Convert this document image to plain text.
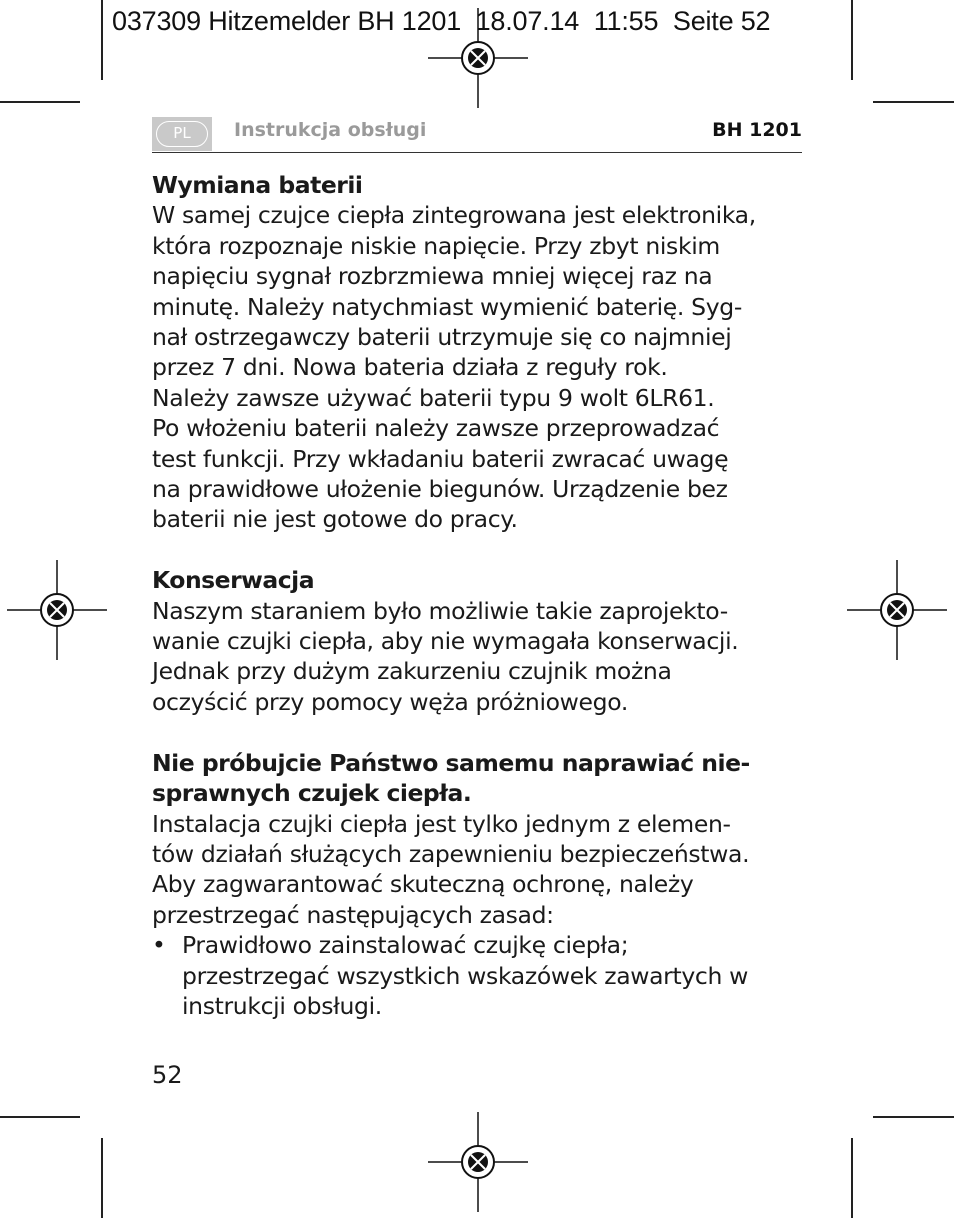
037309 Hitzemelder BH 1201  18.07.14  11:55  Seite 52
PL	Instrukcja obsługi	BH 1201
Wymiana baterii

W samej czujce ciepła zintegrowana jest elektronika,
która rozpoznaje niskie napięcie. Przy zbyt niskim
napięciu sygnał rozbrzmiewa mniej więcej raz na
minutę. Należy natychmiast wymienić baterię. Syg-
nał ostrzegawczy baterii utrzymuje się co najmniej
przez 7 dni. Nowa bateria działa z reguły rok.
Należy zawsze używać baterii typu 9 wolt 6LR61.
Po włożeniu baterii należy zawsze przeprowadzać
test funkcji. Przy wkładaniu baterii zwracać uwagę
na prawidłowe ułożenie biegunów. Urządzenie bez
baterii nie jest gotowe do pracy.

Konserwacja

Naszym staraniem było możliwie takie zaprojekto-
wanie czujki ciepła, aby nie wymagała konserwacji.
Jednak przy dużym zakurzeniu czujnik można
oczyścić przy pomocy węża próżniowego.

Nie próbujcie Państwo samemu naprawiać nie-
sprawnych czujek ciepła.

Instalacja czujki ciepła jest tylko jednym z elemen-
tów działań służących zapewnieniu bezpieczeństwa.
Aby zagwarantować skuteczną ochronę, należy
przestrzegać następujących zasad:

• Prawidłowo zainstalować czujkę ciepła;
przestrzegać wszystkich wskazówek zawartych w
instrukcji obsługi.
52
